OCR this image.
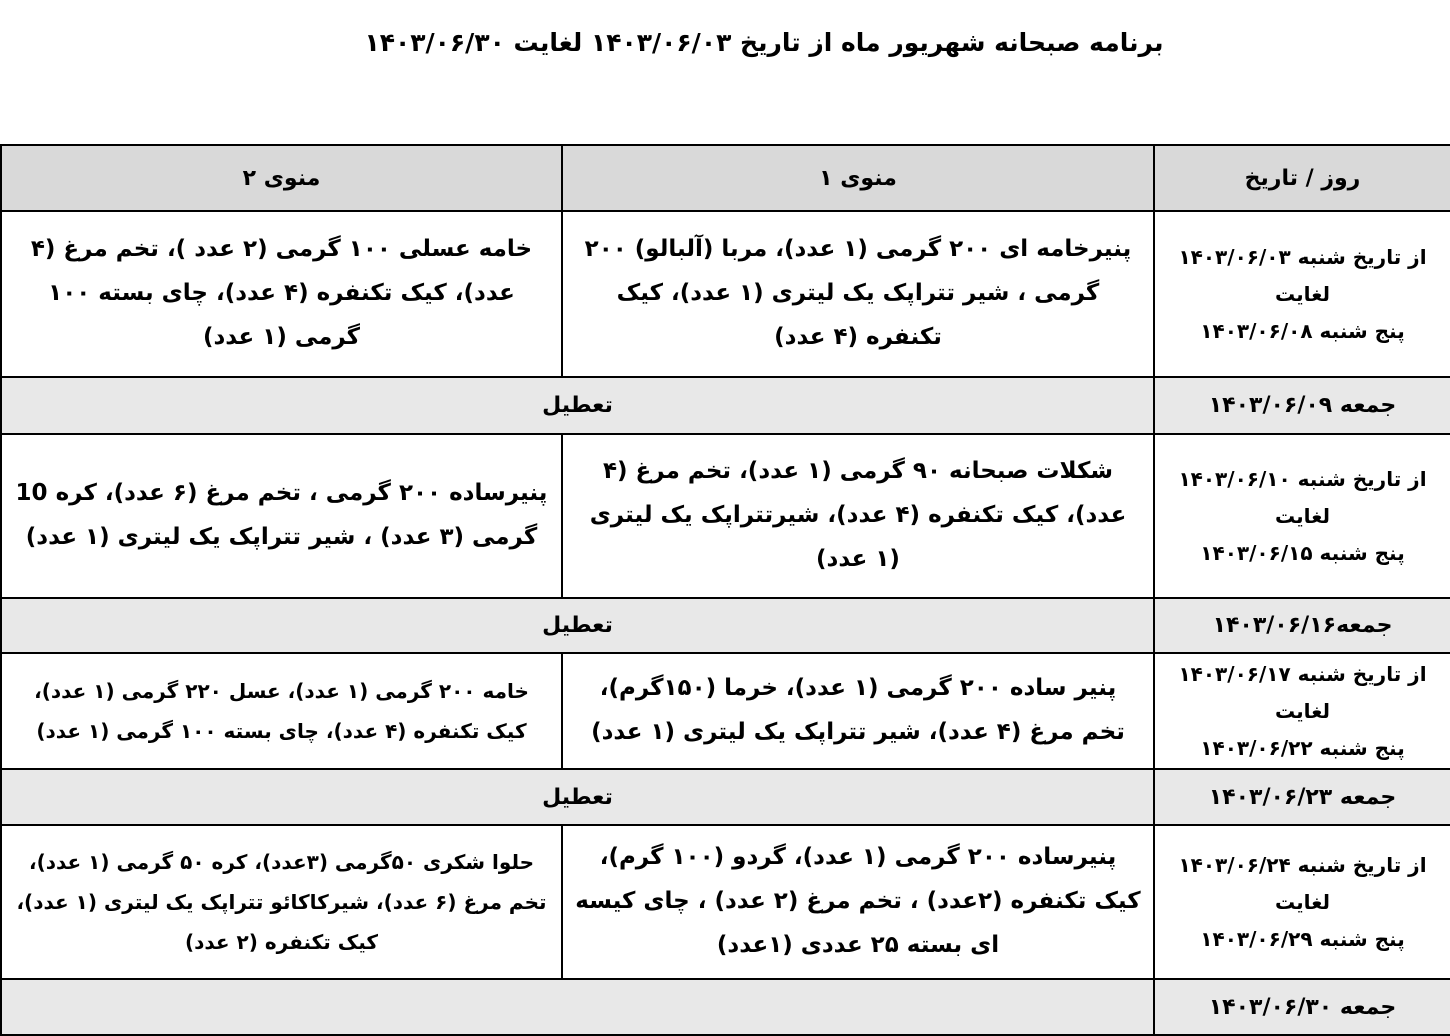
برنامه صبحانه شهریور ماه از تاریخ ۱۴۰۳/۰۶/۰۳ لغایت ۱۴۰۳/۰۶/۳۰
روز / تاریخ	منوی ۱	منوی ۲

از تاریخ شنبه ۱۴۰۳/۰۶/۰۳
لغایت
پنج شنبه ۱۴۰۳/۰۶/۰۸	پنیرخامه ای ۲۰۰ گرمی (۱ عدد)، مربا (آلبالو) ۲۰۰ گرمی ، شیر تتراپک یک لیتری (۱ عدد)، کیک تکنفره (۴ عدد)	خامه عسلی ۱۰۰ گرمی (۲ عدد )، تخم مرغ (۴ عدد)، کیک تکنفره (۴ عدد)، چای بسته ۱۰۰ گرمی (۱ عدد)
جمعه ۱۴۰۳/۰۶/۰۹	تعطیل	

از تاریخ شنبه ۱۴۰۳/۰۶/۱۰
لغایت
پنج شنبه ۱۴۰۳/۰۶/۱۵	شکلات صبحانه ۹۰ گرمی (۱ عدد)، تخم مرغ (۴ عدد)، کیک تکنفره (۴ عدد)، شیرتتراپک یک لیتری (۱ عدد)	پنیرساده ۲۰۰ گرمی ، تخم مرغ (۶ عدد)، کره 10 گرمی (۳ عدد) ، شیر تتراپک یک لیتری (۱ عدد)
جمعه۱۴۰۳/۰۶/۱۶	تعطیل	

از تاریخ شنبه ۱۴۰۳/۰۶/۱۷
لغایت
پنج شنبه ۱۴۰۳/۰۶/۲۲	پنیر ساده ۲۰۰ گرمی (۱ عدد)، خرما (۱۵۰گرم)، تخم مرغ (۴ عدد)، شیر تتراپک یک لیتری (۱ عدد)	خامه ۲۰۰ گرمی (۱ عدد)، عسل ۲۲۰ گرمی (۱ عدد)، کیک تکنفره (۴ عدد)، چای بسته ۱۰۰ گرمی (۱ عدد)
جمعه ۱۴۰۳/۰۶/۲۳	تعطیل	

از تاریخ شنبه ۱۴۰۳/۰۶/۲۴
لغایت
پنج شنبه ۱۴۰۳/۰۶/۲۹	پنیرساده ۲۰۰ گرمی (۱ عدد)، گردو (۱۰۰ گرم)، کیک تکنفره (۲عدد) ، تخم مرغ (۲ عدد) ، چای کیسه ای بسته ۲۵ عددی (۱عدد)	حلوا شکری ۵۰گرمی (۳عدد)، کره ۵۰ گرمی (۱ عدد)، تخم مرغ (۶ عدد)، شیرکاکائو تتراپک یک لیتری (۱ عدد)، کیک تکنفره (۲ عدد)
جمعه ۱۴۰۳/۰۶/۳۰		
